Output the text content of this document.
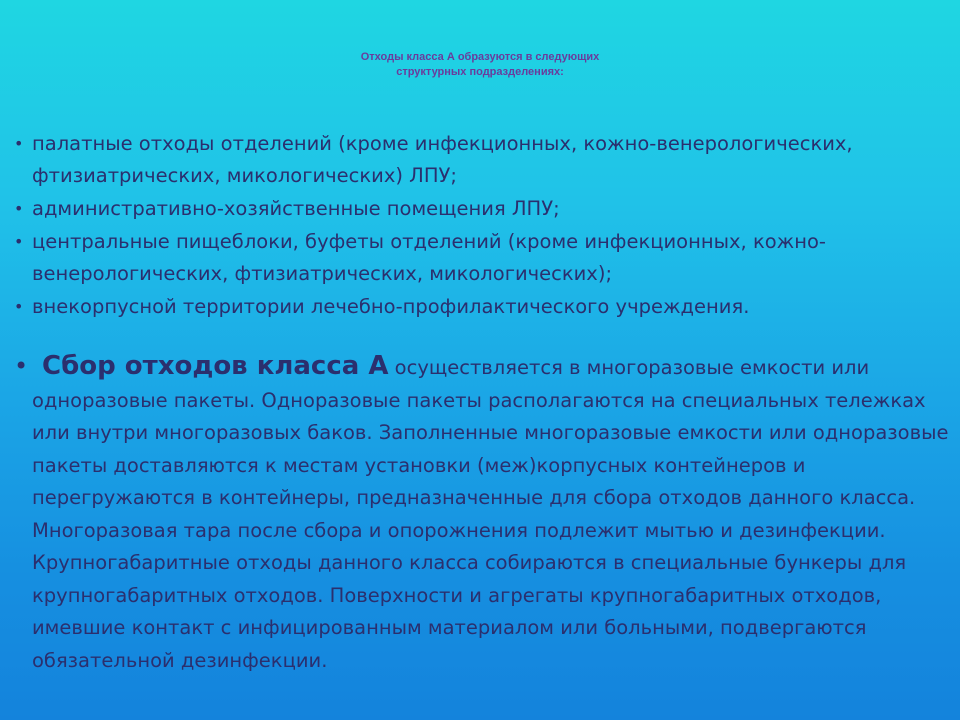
Отходы класса А образуются в следующих
структурных подразделениях:
• палатные отходы отделений (кроме инфекционных, кожно-венерологических, фтизиатрических, микологических) ЛПУ;
• административно-хозяйственные помещения ЛПУ;
• центральные пищеблоки, буфеты отделений (кроме инфекционных, кожно-венерологических, фтизиатрических, микологических);
• внекорпусной территории лечебно-профилактического учреждения.
• Сбор отходов класса А осуществляется в многоразовые емкости или одноразовые пакеты. Одноразовые пакеты располагаются на специальных тележках или внутри многоразовых баков. Заполненные многоразовые емкости или одноразовые пакеты доставляются к местам установки (меж)корпусных контейнеров и перегружаются в контейнеры, предназначенные для сбора отходов данного класса. Многоразовая тара после сбора и опорожнения подлежит мытью и дезинфекции. Крупногабаритные отходы данного класса собираются в специальные бункеры для крупногабаритных отходов. Поверхности и агрегаты крупногабаритных отходов, имевшие контакт с инфицированным материалом или больными, подвергаются обязательной дезинфекции.
